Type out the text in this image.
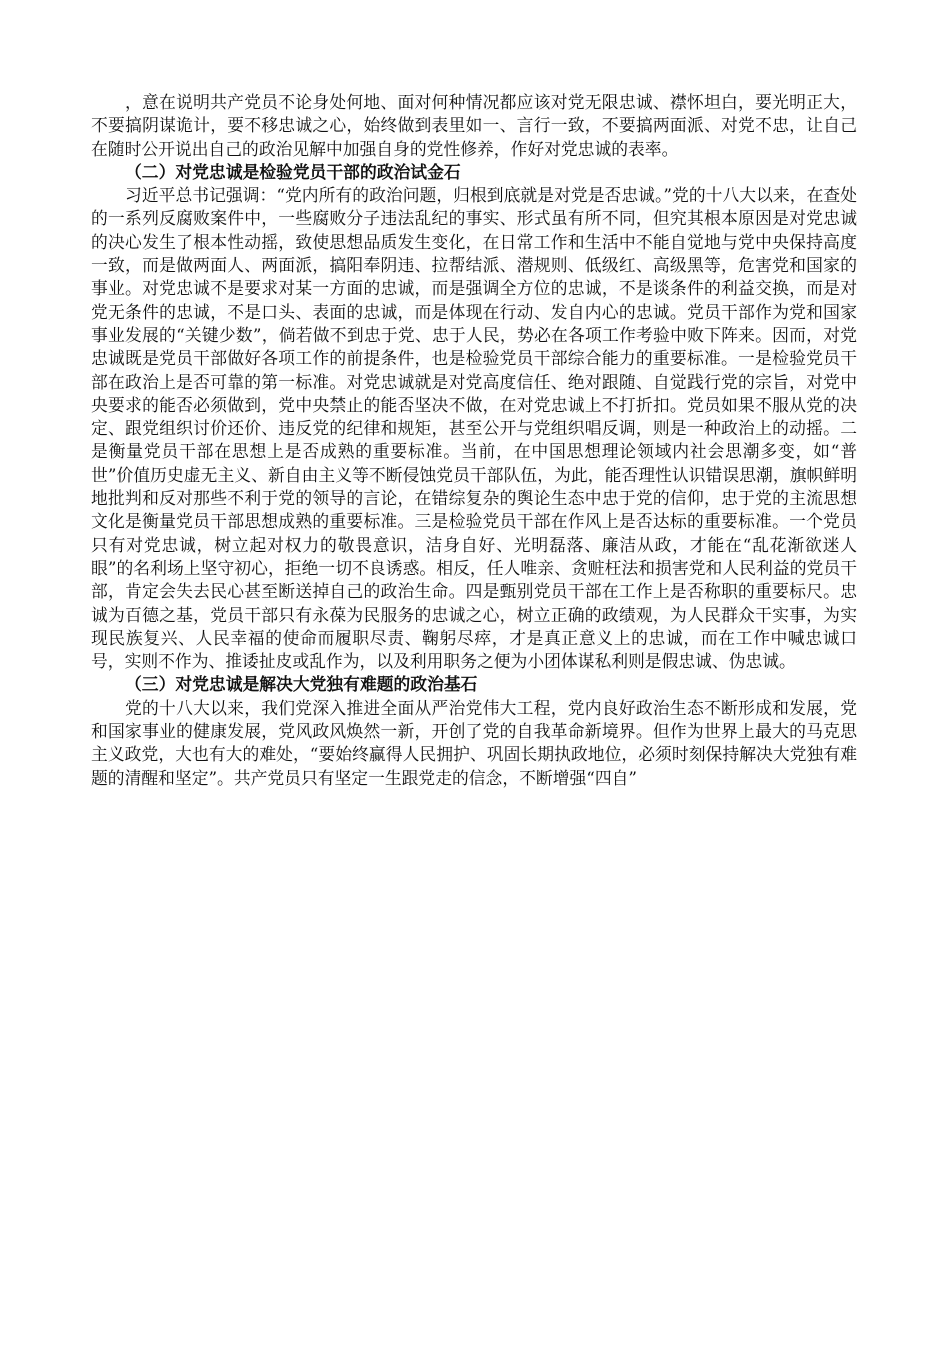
，意在说明共产党员不论身处何地、面对何种情况都应该对党无限忠诚、襟怀坦白，要光明正大，不要搞阴谋诡计，要不移忠诚之心，始终做到表里如一、言行一致，不要搞两面派、对党不忠，让自己在随时公开说出自己的政治见解中加强自身的党性修养，作好对党忠诚的表率。

（二）对党忠诚是检验党员干部的政治试金石

习近平总书记强调：“党内所有的政治问题，归根到底就是对党是否忠诚。”党的十八大以来，在查处的一系列反腐败案件中，一些腐败分子违法乱纪的事实、形式虽有所不同，但究其根本原因是对党忠诚的决心发生了根本性动摇，致使思想品质发生变化，在日常工作和生活中不能自觉地与党中央保持高度一致，而是做两面人、两面派，搞阳奉阴违、拉帮结派、潜规则、低级红、高级黑等，危害党和国家的事业。对党忠诚不是要求对某一方面的忠诚，而是强调全方位的忠诚，不是谈条件的利益交换，而是对党无条件的忠诚，不是口头、表面的忠诚，而是体现在行动、发自内心的忠诚。党员干部作为党和国家事业发展的“关键少数”，倘若做不到忠于党、忠于人民，势必在各项工作考验中败下阵来。因而，对党忠诚既是党员干部做好各项工作的前提条件，也是检验党员干部综合能力的重要标准。一是检验党员干部在政治上是否可靠的第一标准。对党忠诚就是对党高度信任、绝对跟随、自觉践行党的宗旨，对党中央要求的能否必须做到，党中央禁止的能否坚决不做，在对党忠诚上不打折扣。党员如果不服从党的决定、跟党组织讨价还价、违反党的纪律和规矩，甚至公开与党组织唱反调，则是一种政治上的动摇。二是衡量党员干部在思想上是否成熟的重要标准。当前，在中国思想理论领域内社会思潮多变，如“普世”价值历史虚无主义、新自由主义等不断侵蚀党员干部队伍，为此，能否理性认识错误思潮，旗帜鲜明地批判和反对那些不利于党的领导的言论，在错综复杂的舆论生态中忠于党的信仰，忠于党的主流思想文化是衡量党员干部思想成熟的重要标准。三是检验党员干部在作风上是否达标的重要标准。一个党员只有对党忠诚，树立起对权力的敬畏意识，洁身自好、光明磊落、廉洁从政，才能在“乱花渐欲迷人眼”的名利场上坚守初心，拒绝一切不良诱惑。相反，任人唯亲、贪赃枉法和损害党和人民利益的党员干部，肯定会失去民心甚至断送掉自己的政治生命。四是甄别党员干部在工作上是否称职的重要标尺。忠诚为百德之基，党员干部只有永葆为民服务的忠诚之心，树立正确的政绩观，为人民群众干实事，为实现民族复兴、人民幸福的使命而履职尽责、鞠躬尽瘁，才是真正意义上的忠诚，而在工作中喊忠诚口号，实则不作为、推诿扯皮或乱作为，以及利用职务之便为小团体谋私利则是假忠诚、伪忠诚。

（三）对党忠诚是解决大党独有难题的政治基石

党的十八大以来，我们党深入推进全面从严治党伟大工程，党内良好政治生态不断形成和发展，党和国家事业的健康发展，党风政风焕然一新，开创了党的自我革命新境界。但作为世界上最大的马克思主义政党，大也有大的难处，“要始终赢得人民拥护、巩固长期执政地位，必须时刻保持解决大党独有难题的清醒和坚定”。共产党员只有坚定一生跟党走的信念，不断增强“四自”
